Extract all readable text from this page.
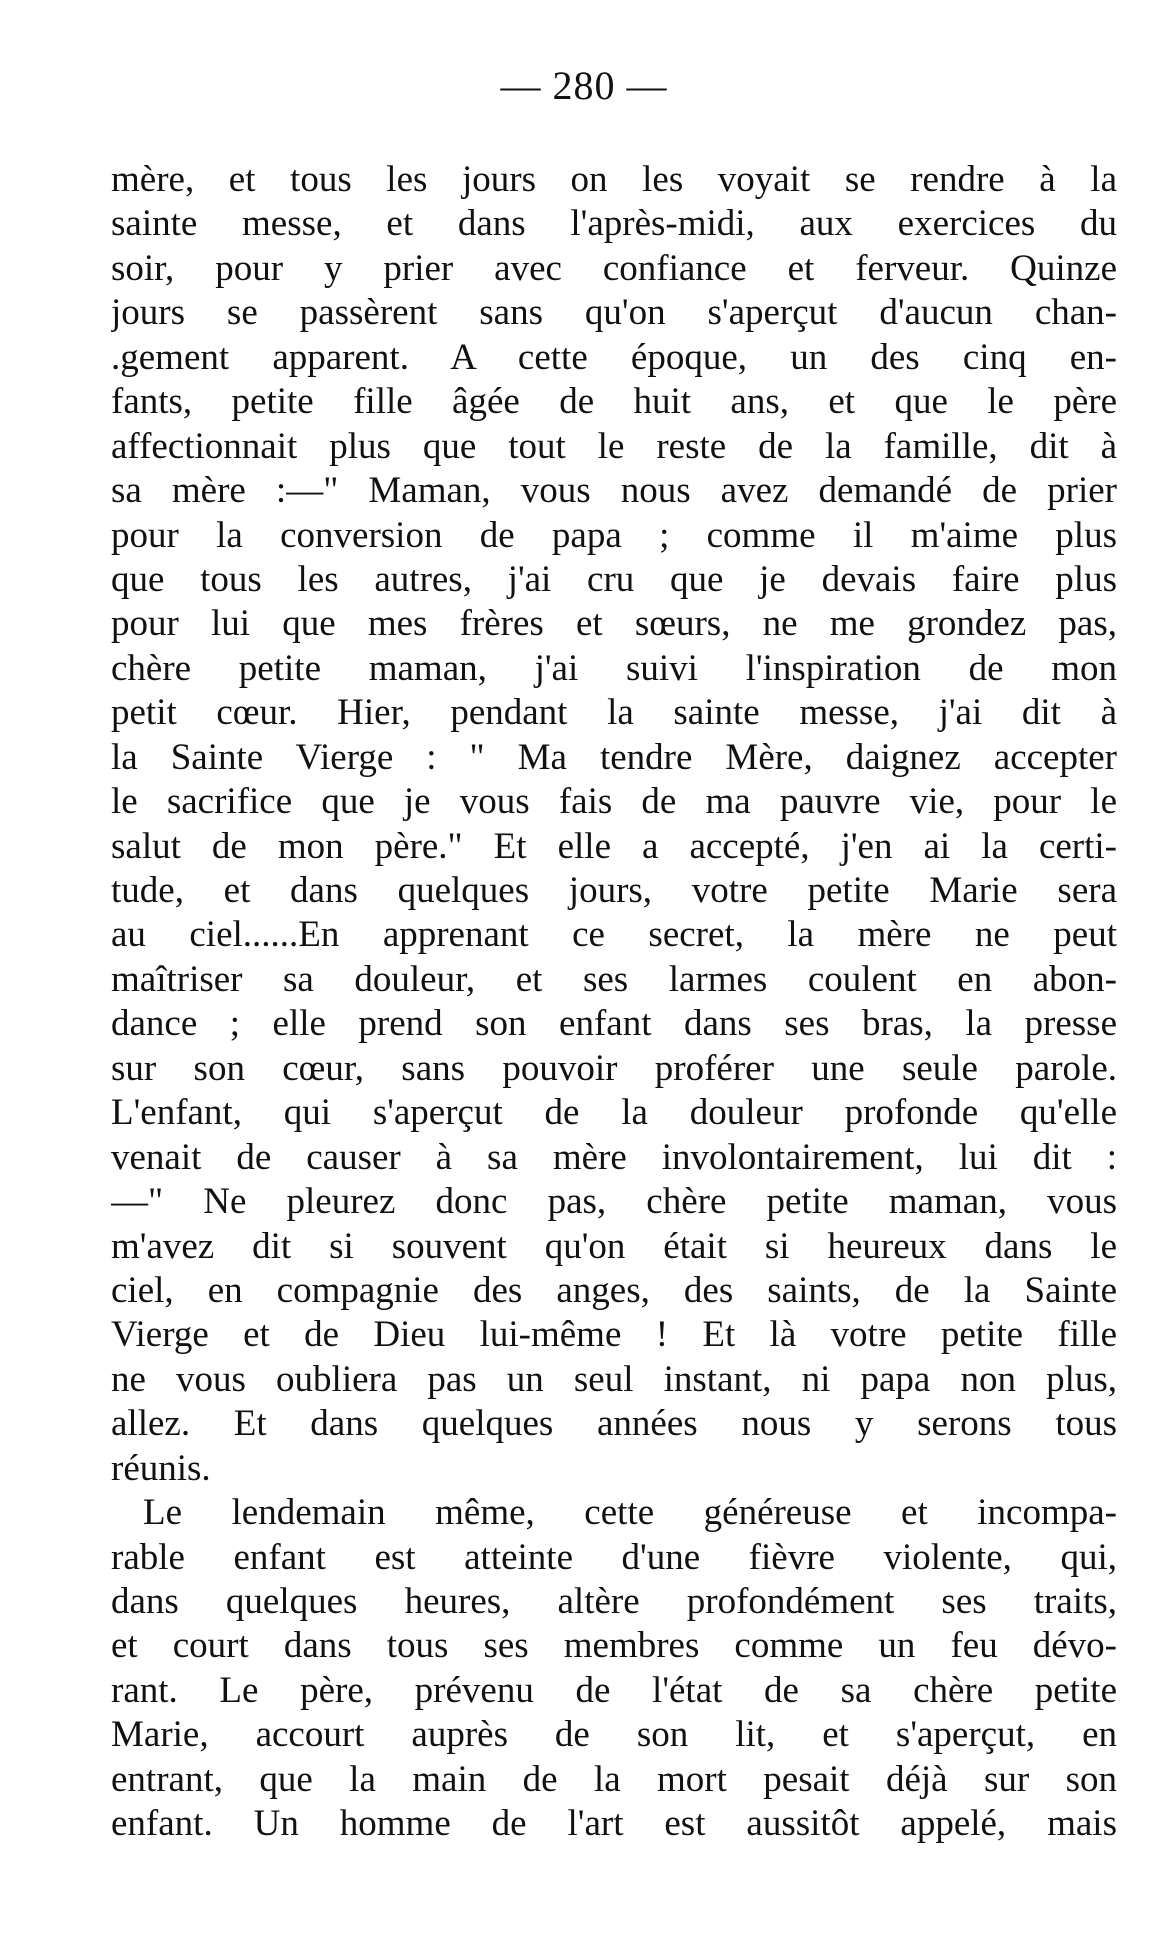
— 280 —
mère, et tous les jours on les voyait se rendre à la
sainte messe, et dans l'après-midi, aux exercices du
soir, pour y prier avec confiance et ferveur. Quinze
jours se passèrent sans qu'on s'aperçut d'aucun chan-
.gement apparent. A cette époque, un des cinq en-
fants, petite fille âgée de huit ans, et que le père
affectionnait plus que tout le reste de la famille, dit à
sa mère :—" Maman, vous nous avez demandé de prier
pour la conversion de papa ; comme il m'aime plus
que tous les autres, j'ai cru que je devais faire plus
pour lui que mes frères et sœurs, ne me grondez pas,
chère petite maman, j'ai suivi l'inspiration de mon
petit cœur. Hier, pendant la sainte messe, j'ai dit à
la Sainte Vierge : " Ma tendre Mère, daignez accepter
le sacrifice que je vous fais de ma pauvre vie, pour le
salut de mon père." Et elle a accepté, j'en ai la certi-
tude, et dans quelques jours, votre petite Marie sera
au ciel......En apprenant ce secret, la mère ne peut
maîtriser sa douleur, et ses larmes coulent en abon-
dance ; elle prend son enfant dans ses bras, la presse
sur son cœur, sans pouvoir proférer une seule parole.
L'enfant, qui s'aperçut de la douleur profonde qu'elle
venait de causer à sa mère involontairement, lui dit :
—" Ne pleurez donc pas, chère petite maman, vous
m'avez dit si souvent qu'on était si heureux dans le
ciel, en compagnie des anges, des saints, de la Sainte
Vierge et de Dieu lui-même ! Et là votre petite fille
ne vous oubliera pas un seul instant, ni papa non plus,
allez. Et dans quelques années nous y serons tous
réunis.
Le lendemain même, cette généreuse et incompa-
rable enfant est atteinte d'une fièvre violente, qui,
dans quelques heures, altère profondément ses traits,
et court dans tous ses membres comme un feu dévo-
rant. Le père, prévenu de l'état de sa chère petite
Marie, accourt auprès de son lit, et s'aperçut, en
entrant, que la main de la mort pesait déjà sur son
enfant. Un homme de l'art est aussitôt appelé, mais
